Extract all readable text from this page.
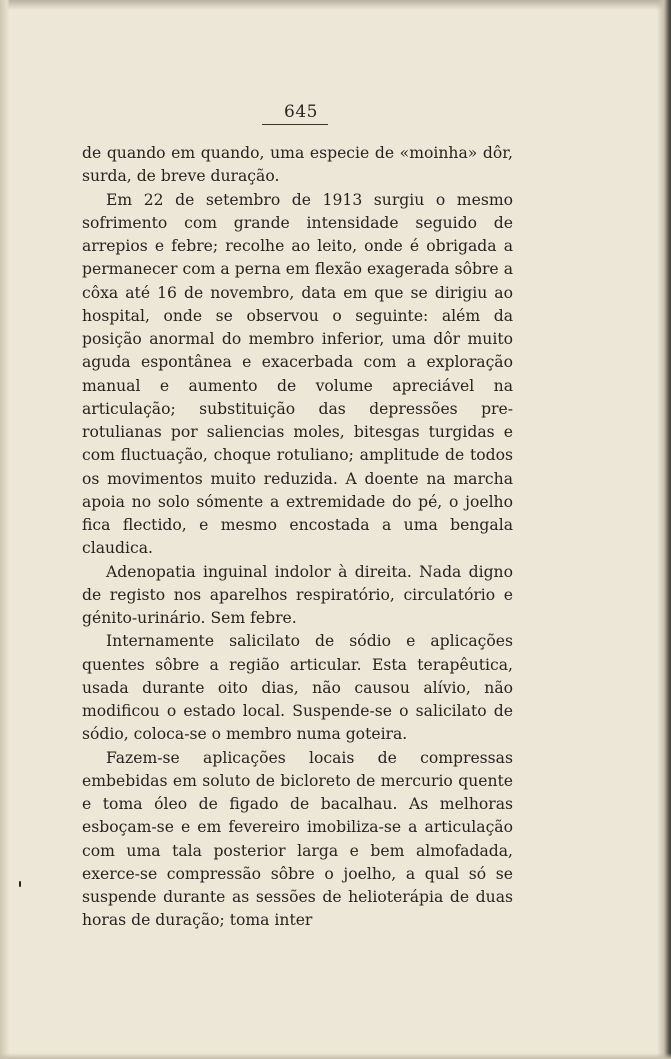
645

de quando em quando, uma especie de «moinha» dôr, surda, de breve duração.

Em 22 de setembro de 1913 surgiu o mesmo sofrimento com grande intensidade seguido de arrepios e febre; recolhe ao leito, onde é obrigada a permanecer com a perna em flexão exagerada sôbre a côxa até 16 de novembro, data em que se dirigiu ao hospital, onde se observou o seguinte: além da posição anormal do membro inferior, uma dôr muito aguda espontânea e exacerbada com a exploração manual e aumento de volume apreciável na articulação; substituição das depressões pre-rotulianas por saliencias moles, bitesgas turgidas e com fluctuação, choque rotuliano; amplitude de todos os movimentos muito reduzida. A doente na marcha apoia no solo sómente a extremidade do pé, o joelho fica flectido, e mesmo encostada a uma bengala claudica.

Adenopatia inguinal indolor à direita. Nada digno de registo nos aparelhos respiratório, circulatório e génito-urinário. Sem febre.

Internamente salicilato de sódio e aplicações quentes sôbre a região articular. Esta terapêutica, usada durante oito dias, não causou alívio, não modificou o estado local. Suspende-se o salicilato de sódio, coloca-se o membro numa goteira.

Fazem-se aplicações locais de compressas embebidas em soluto de bicloreto de mercurio quente e toma óleo de figado de bacalhau. As melhoras esboçam-se e em fevereiro imobiliza-se a articulação com uma tala posterior larga e bem almofadada, exerce-se compressão sôbre o joelho, a qual só se suspende durante as sessões de helioterápia de duas horas de duração; toma inter
